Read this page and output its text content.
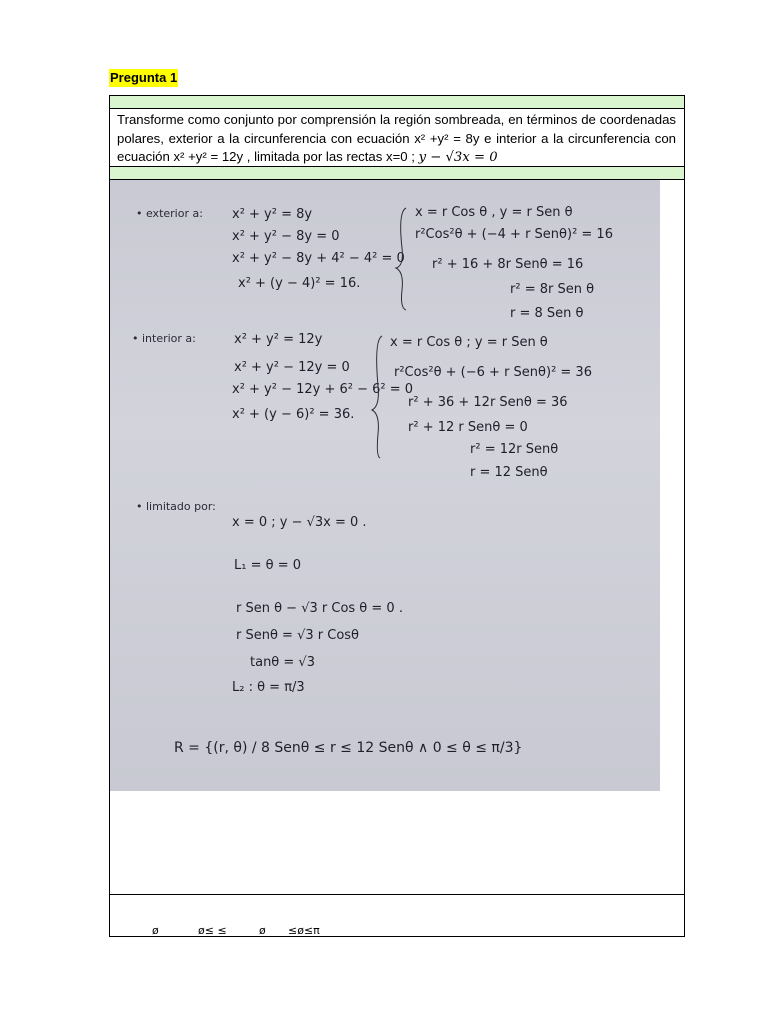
Pregunta 1
Transforme como conjunto por comprensión la región sombreada, en términos de coordenadas polares, exterior a la circunferencia con ecuación x² +y² = 8y e interior a la circunferencia con ecuación x² +y² = 12y , limitada por las rectas x=0 ; y − √3x = 0
• exterior a: x² + y² = 8y
x² + y² − 8y = 0
x² + y² − 8y + 4² − 4² = 0
x² + (y − 4)² = 16.
x = r Cos θ , y = r Sen θ
r²Cos²θ + (−4 + r Senθ)² = 16
r² + 16 + 8r Senθ = 16
r² = 8r Sen θ
r = 8 Sen θ
• interior a:	x² + y² = 12y
x² + y² − 12y = 0
x² + y² − 12y + 6² − 6² = 0
x² + (y − 6)² = 36.
x = r Cos θ ; y = r Sen θ
r²Cos²θ + (−6 + r Senθ)² = 36
r² + 36 + 12r Senθ = 36
r² + 12 r Senθ = 0
r² = 12r Senθ
r = 12 Senθ
• limitado por:
x = 0 ; y − √3x = 0 .
L₁ = θ = 0
r Sen θ − √3 r Cos θ = 0 .
r Senθ = √3 r Cosθ
tanθ = √3
L₂ : θ = π/3
R = {(r, θ) / 8 Senθ ≤ r ≤ 12 Senθ ∧ 0 ≤ θ ≤ π/3}
ø	ø≤ ≤	ø ≤ø≤π
